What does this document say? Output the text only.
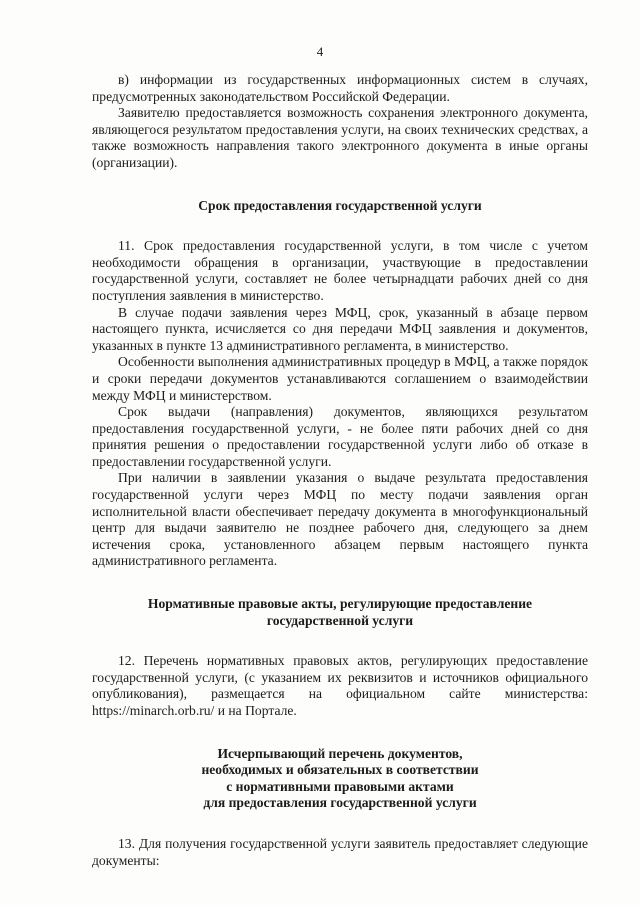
4

в) информации из государственных информационных систем в случаях, предусмотренных законодательством Российской Федерации.

Заявителю предоставляется возможность сохранения электронного документа, являющегося результатом предоставления услуги, на своих технических средствах, а также возможность направления такого электронного документа в иные органы (организации).

Срок предоставления государственной услуги

11. Срок предоставления государственной услуги, в том числе с учетом необходимости обращения в организации, участвующие в предоставлении государственной услуги, составляет не более четырнадцати рабочих дней со дня поступления заявления в министерство.

В случае подачи заявления через МФЦ, срок, указанный в абзаце первом настоящего пункта, исчисляется со дня передачи МФЦ заявления и документов, указанных в пункте 13 административного регламента, в министерство.

Особенности выполнения административных процедур в МФЦ, а также порядок и сроки передачи документов устанавливаются соглашением о взаимодействии между МФЦ и министерством.

Срок выдачи (направления) документов, являющихся результатом предоставления государственной услуги, - не более пяти рабочих дней со дня принятия решения о предоставлении государственной услуги либо об отказе в предоставлении государственной услуги.

При наличии в заявлении указания о выдаче результата предоставления государственной услуги через МФЦ по месту подачи заявления орган исполнительной власти обеспечивает передачу документа в многофункциональный центр для выдачи заявителю не позднее рабочего дня, следующего за днем истечения срока, установленного абзацем первым настоящего пункта административного регламента.

Нормативные правовые акты, регулирующие предоставление
государственной услуги

12. Перечень нормативных правовых актов, регулирующих предоставление государственной услуги, (с указанием их реквизитов и источников официального опубликования), размещается на официальном сайте министерства: https://minarch.orb.ru/ и на Портале.

Исчерпывающий перечень документов,
необходимых и обязательных в соответствии
с нормативными правовыми актами
для предоставления государственной услуги

13. Для получения государственной услуги заявитель предоставляет следующие документы:
